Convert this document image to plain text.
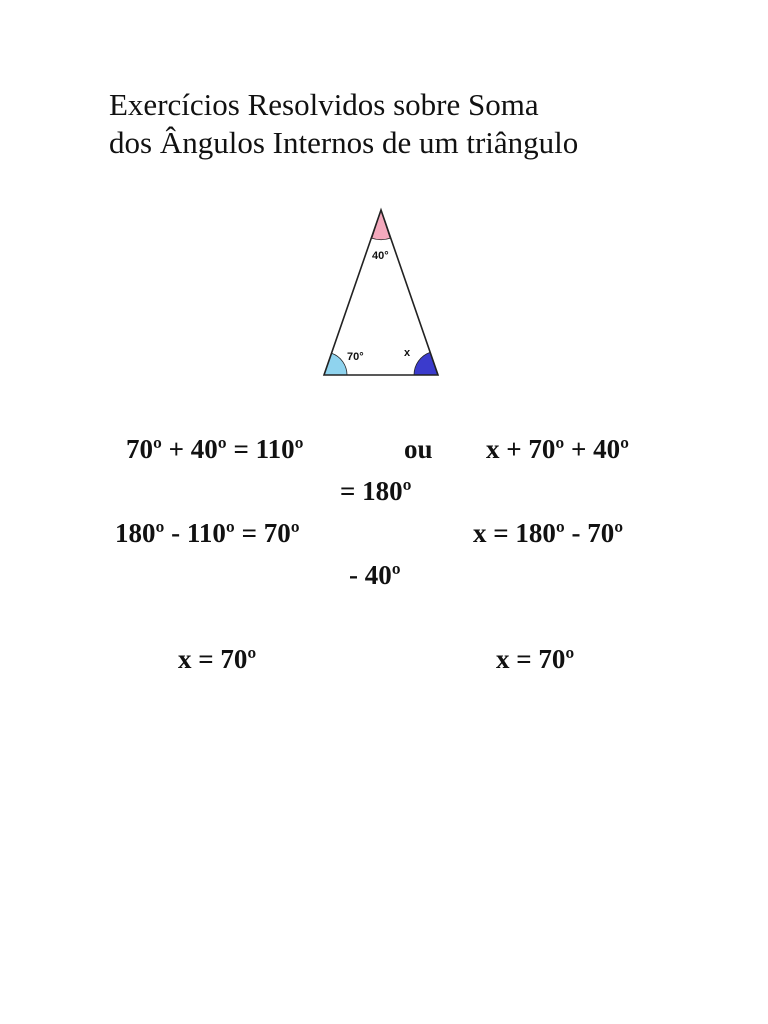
Exercícios Resolvidos sobre Soma
dos Ângulos Internos de um triângulo
40°
70°	x
70º + 40º = 110º	ou x + 70º + 40º
= 180º
180º - 110º = 70º	x = 180º - 70º
- 40º
x = 70º	x = 70º
